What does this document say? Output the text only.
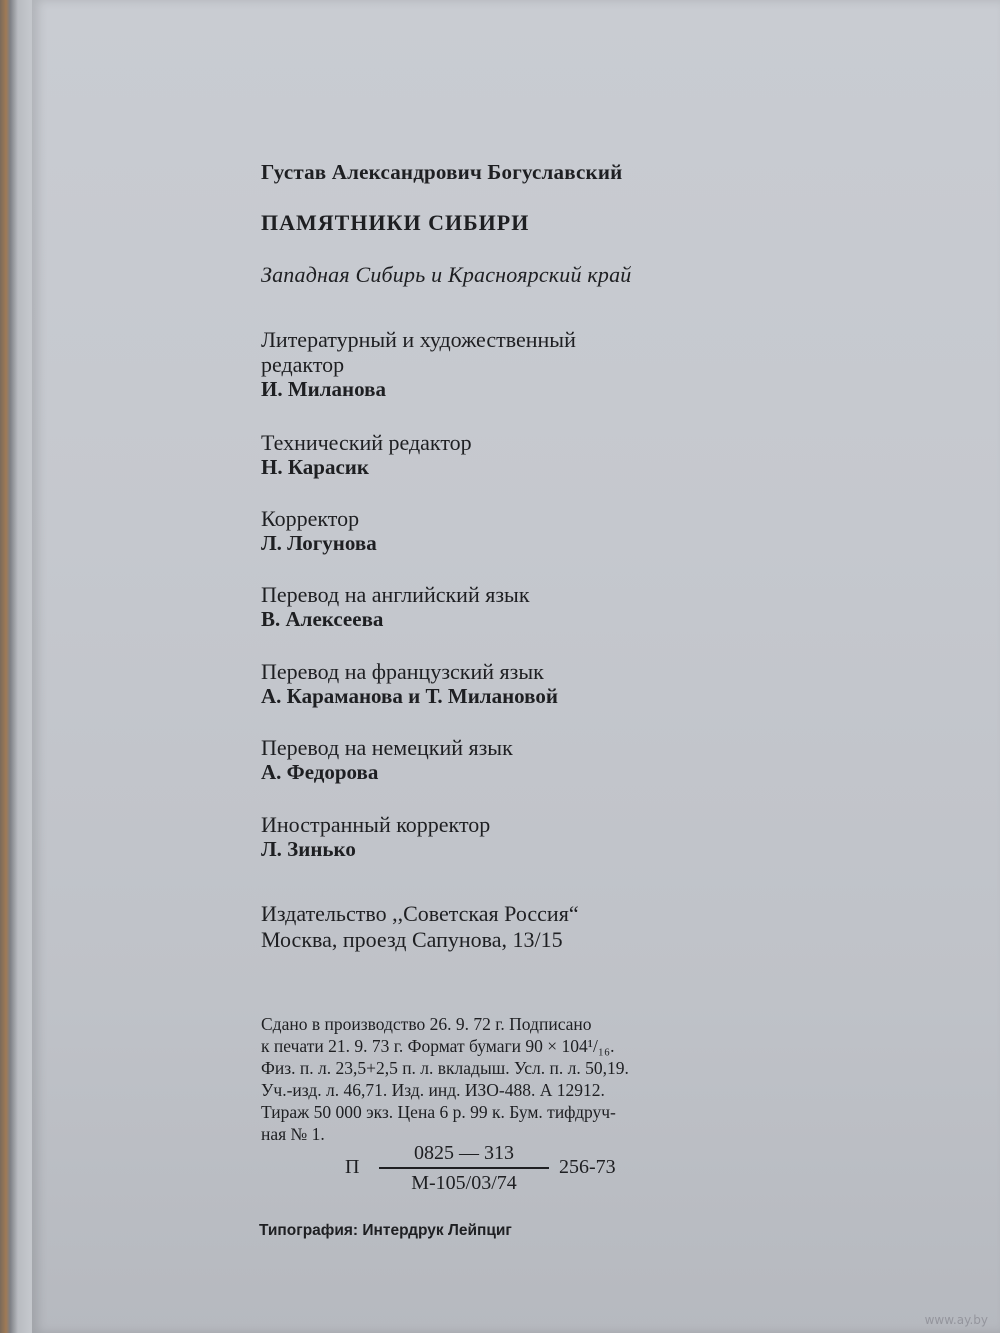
Густав Александрович Богуславский
ПАМЯТНИКИ СИБИРИ
Западная Сибирь и Красноярский край
Литературный и художественный
редактор
И. Миланова
Технический редактор
Н. Карасик
Корректор
Л. Логунова
Перевод на английский язык
В. Алексеева
Перевод на французский язык
А. Караманова и Т. Милановой
Перевод на немецкий язык
А. Федорова
Иностранный корректор
Л. Зинько
Издательство ,,Советская Россия“
Москва, проезд Сапунова, 13/15
Сдано в производство 26. 9. 72 г. Подписано
к печати 21. 9. 73 г. Формат бумаги 90 × 104¹/₁₆.
Физ. п. л. 23,5+2,5 п. л. вкладыш. Усл. п. л. 50,19.
Уч.-изд. л. 46,71. Изд. инд. ИЗО-488. А 12912.
Тираж 50 000 экз. Цена 6 р. 99 к. Бум. тифдруч-
ная № 1.
П
0825 — 313
М-105/03/74
256-73
Типография: Интердрук Лейпциг
www.ay.by
